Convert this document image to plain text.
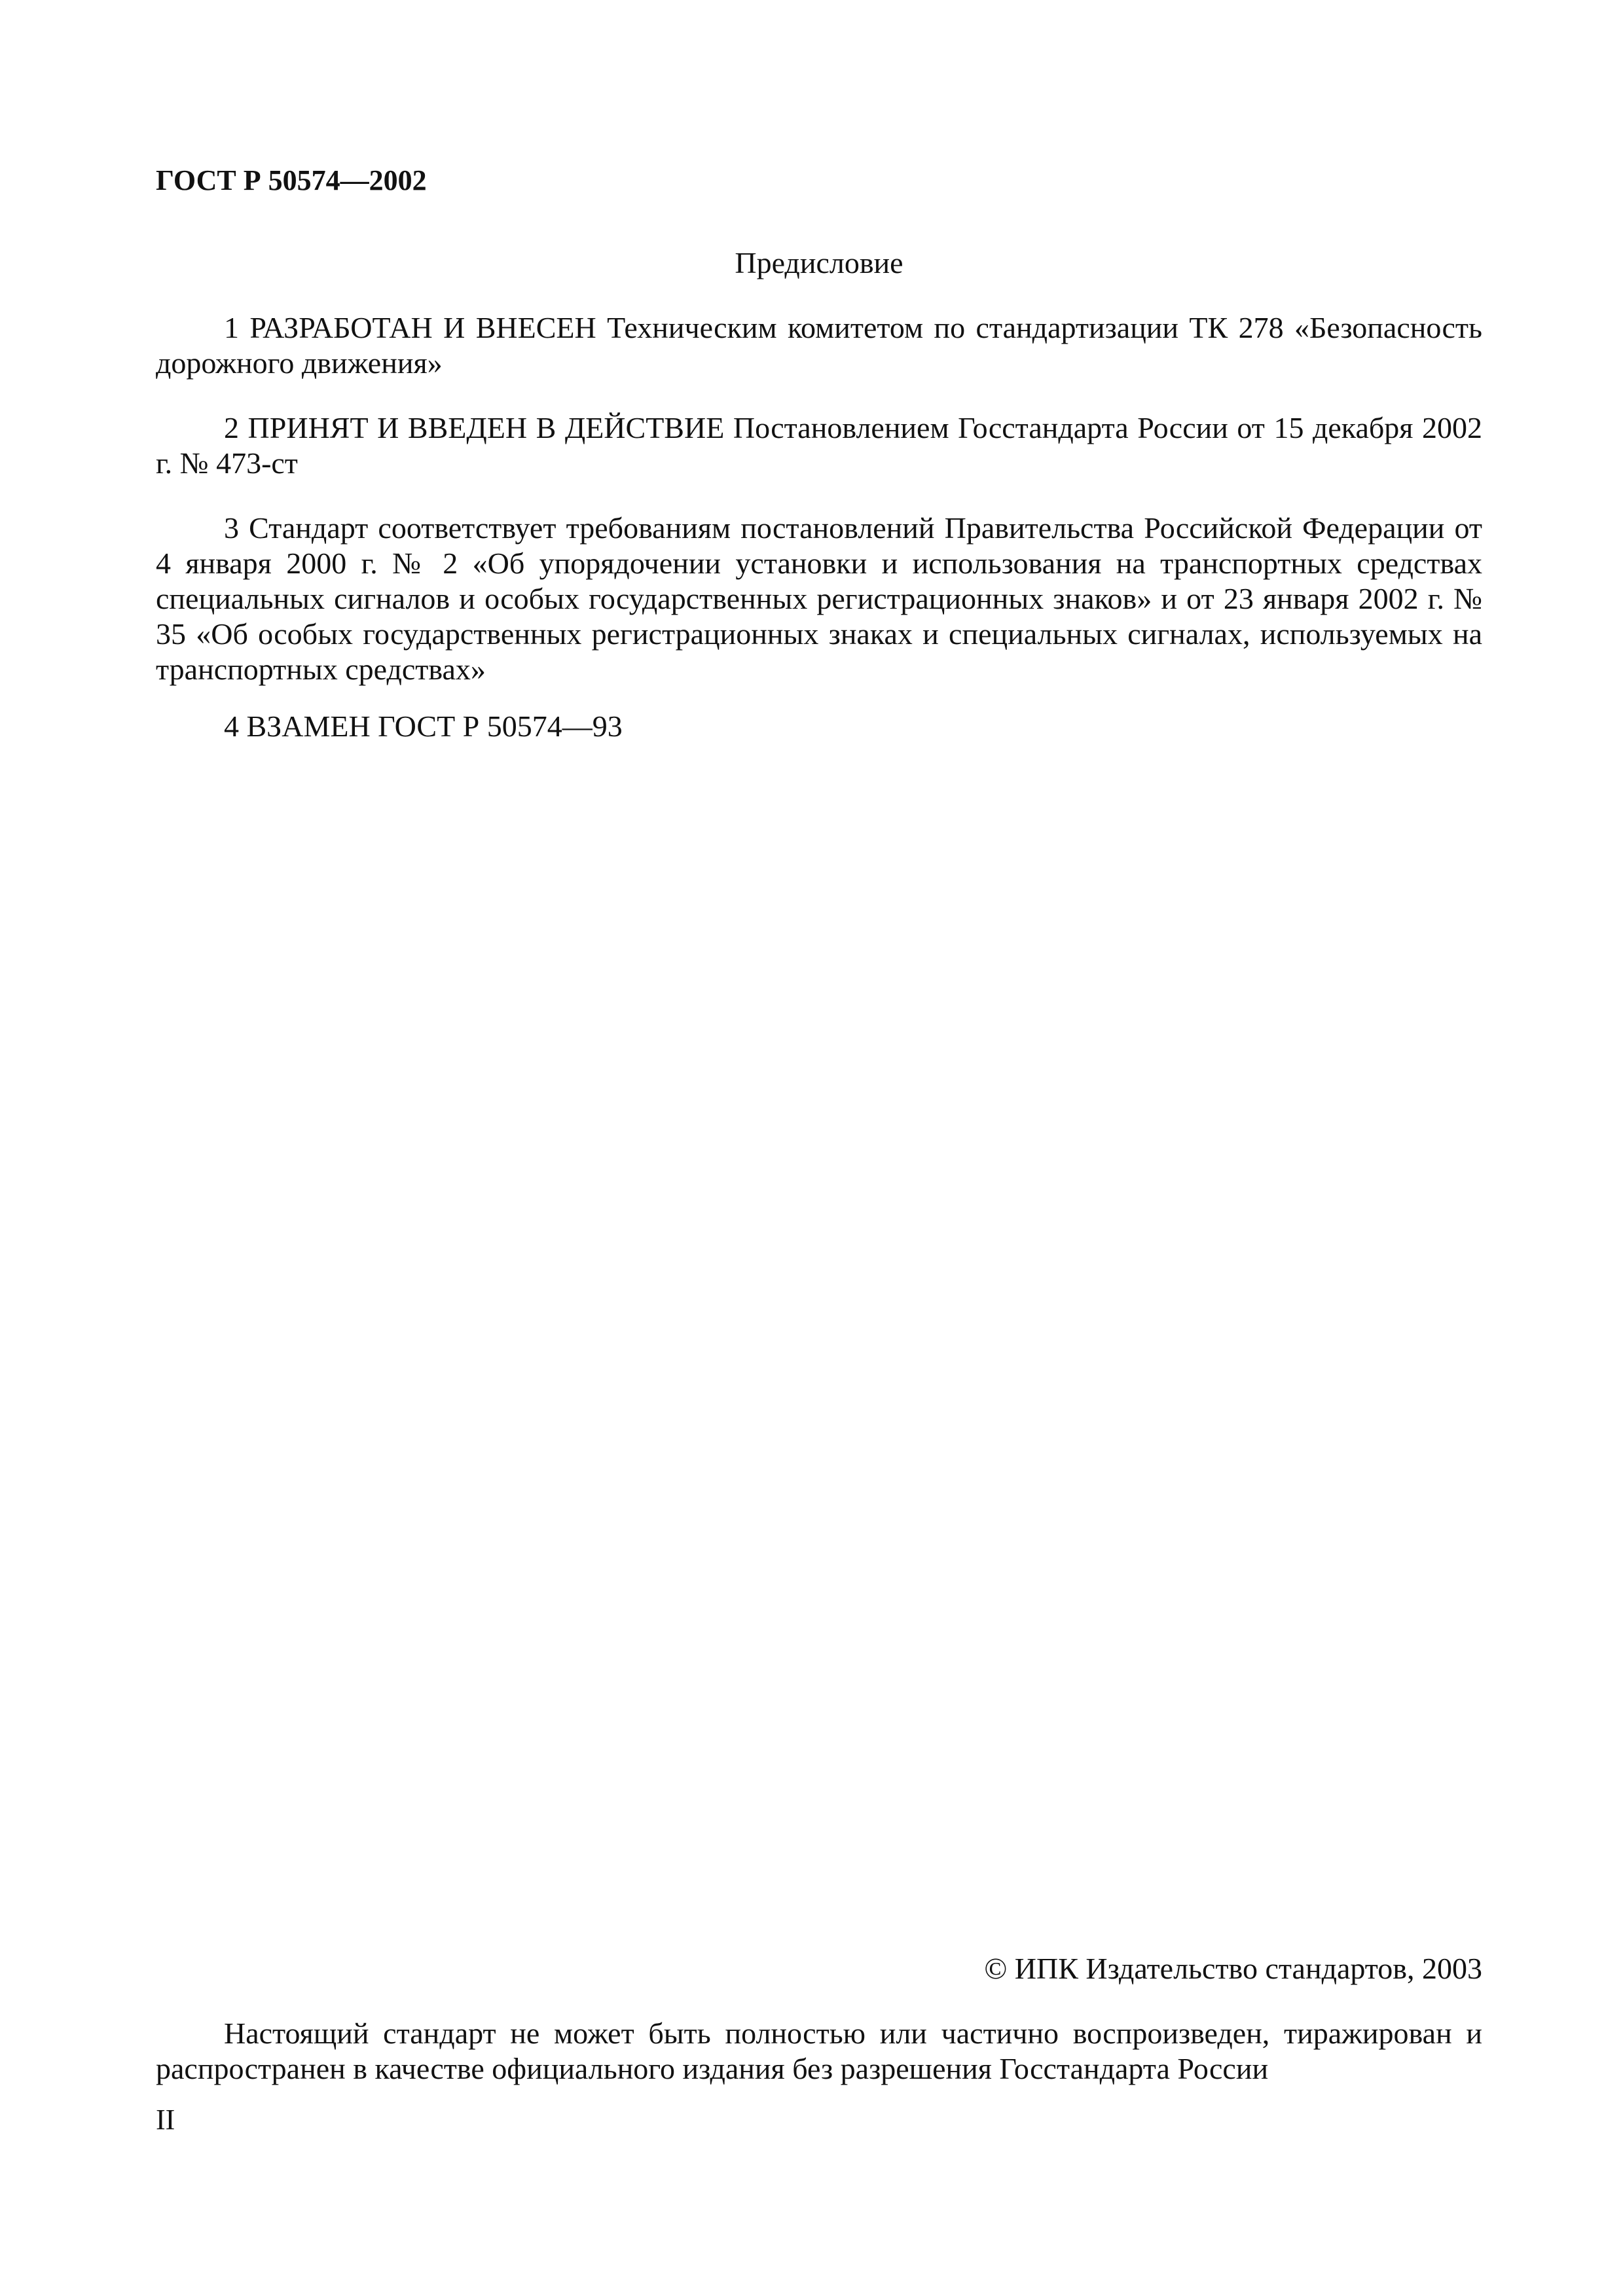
ГОСТ Р 50574—2002
Предисловие

1 РАЗРАБОТАН И ВНЕСЕН Техническим комитетом по стандартизации ТК 278 «Безопасность дорожного движения»

2 ПРИНЯТ И ВВЕДЕН В ДЕЙСТВИЕ Постановлением Госстандарта России от 15 декабря 2002 г. № 473-ст

3 Стандарт соответствует требованиям постановлений Правительства Российской Федерации от 4 января 2000 г. № 2 «Об упорядочении установки и использования на транспортных средствах специальных сигналов и особых государственных регистрационных знаков» и от 23 января 2002 г. № 35 «Об особых государственных регистрационных знаках и специальных сигналах, используемых на транспортных средствах»

4 ВЗАМЕН ГОСТ Р 50574—93

© ИПК Издательство стандартов, 2003

Настоящий стандарт не может быть полностью или частично воспроизведен, тиражирован и распространен в качестве официального издания без разрешения Госстандарта России

II
